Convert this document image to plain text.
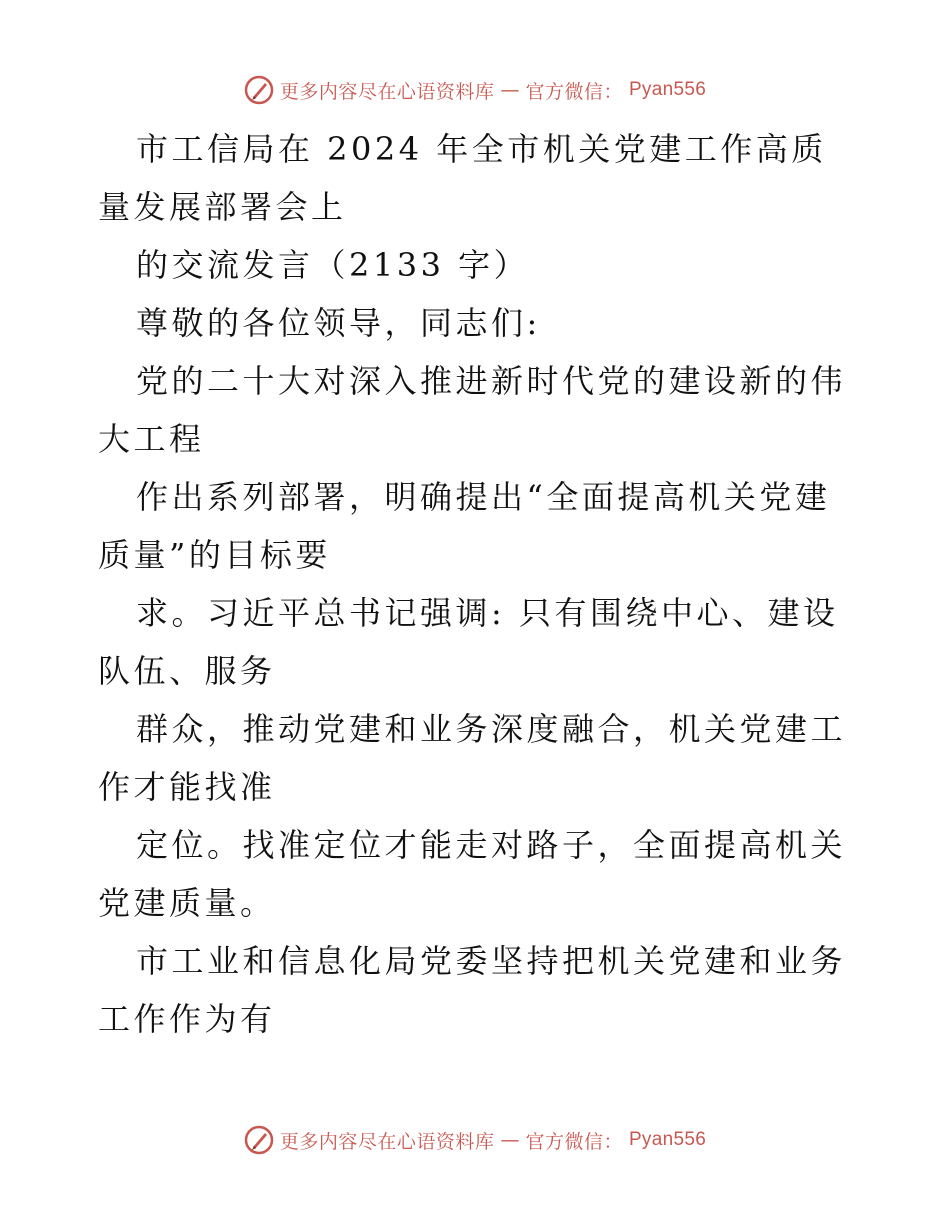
更多内容尽在心语资料库 — 官方微信： Pyan556

市工信局在 2024 年全市机关党建工作高质量发展部署会上

的交流发言（2133 字）

尊敬的各位领导，同志们:

党的二十大对深入推进新时代党的建设新的伟大工程

作出系列部署，明确提出“全面提高机关党建质量”的目标要

求。习近平总书记强调: 只有围绕中心、建设队伍、服务

群众，推动党建和业务深度融合，机关党建工作才能找准

定位。找准定位才能走对路子，全面提高机关党建质量。

市工业和信息化局党委坚持把机关党建和业务工作作为有

更多内容尽在心语资料库 — 官方微信： Pyan556
